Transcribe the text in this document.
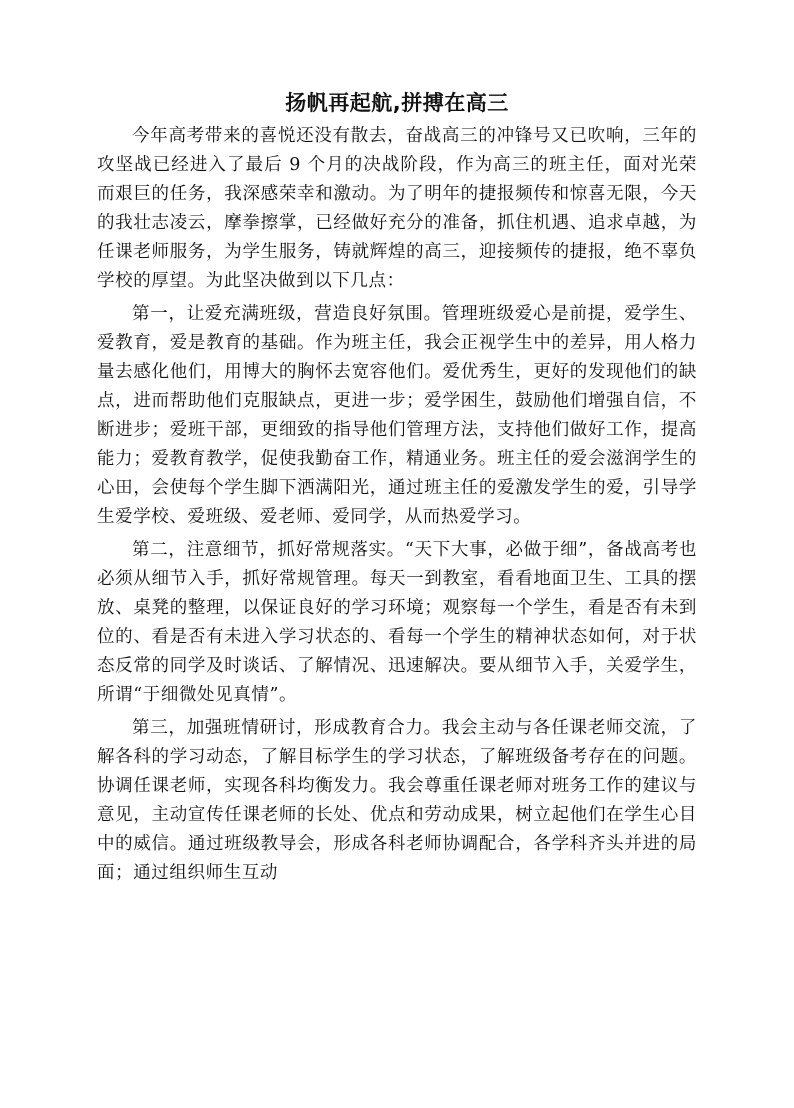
扬帆再起航,拼搏在高三

今年高考带来的喜悦还没有散去，奋战高三的冲锋号又已吹响，三年的攻坚战已经进入了最后 9 个月的决战阶段，作为高三的班主任，面对光荣而艰巨的任务，我深感荣幸和激动。为了明年的捷报频传和惊喜无限，今天的我壮志凌云，摩拳擦掌，已经做好充分的准备，抓住机遇、追求卓越，为任课老师服务，为学生服务，铸就辉煌的高三，迎接频传的捷报，绝不辜负学校的厚望。为此坚决做到以下几点：

第一，让爱充满班级，营造良好氛围。管理班级爱心是前提，爱学生、爱教育，爱是教育的基础。作为班主任，我会正视学生中的差异，用人格力量去感化他们，用博大的胸怀去宽容他们。爱优秀生，更好的发现他们的缺点，进而帮助他们克服缺点，更进一步；爱学困生，鼓励他们增强自信，不断进步；爱班干部，更细致的指导他们管理方法，支持他们做好工作，提高能力；爱教育教学，促使我勤奋工作，精通业务。班主任的爱会滋润学生的心田，会使每个学生脚下洒满阳光，通过班主任的爱激发学生的爱，引导学生爱学校、爱班级、爱老师、爱同学，从而热爱学习。

第二，注意细节，抓好常规落实。“天下大事，必做于细”，备战高考也必须从细节入手，抓好常规管理。每天一到教室，看看地面卫生、工具的摆放、桌凳的整理，以保证良好的学习环境；观察每一个学生，看是否有未到位的、看是否有未进入学习状态的、看每一个学生的精神状态如何，对于状态反常的同学及时谈话、了解情况、迅速解决。要从细节入手，关爱学生，所谓“于细微处见真情”。

第三，加强班情研讨，形成教育合力。我会主动与各任课老师交流，了解各科的学习动态，了解目标学生的学习状态，了解班级备考存在的问题。协调任课老师，实现各科均衡发力。我会尊重任课老师对班务工作的建议与意见，主动宣传任课老师的长处、优点和劳动成果，树立起他们在学生心目中的威信。通过班级教导会，形成各科老师协调配合，各学科齐头并进的局面；通过组织师生互动
